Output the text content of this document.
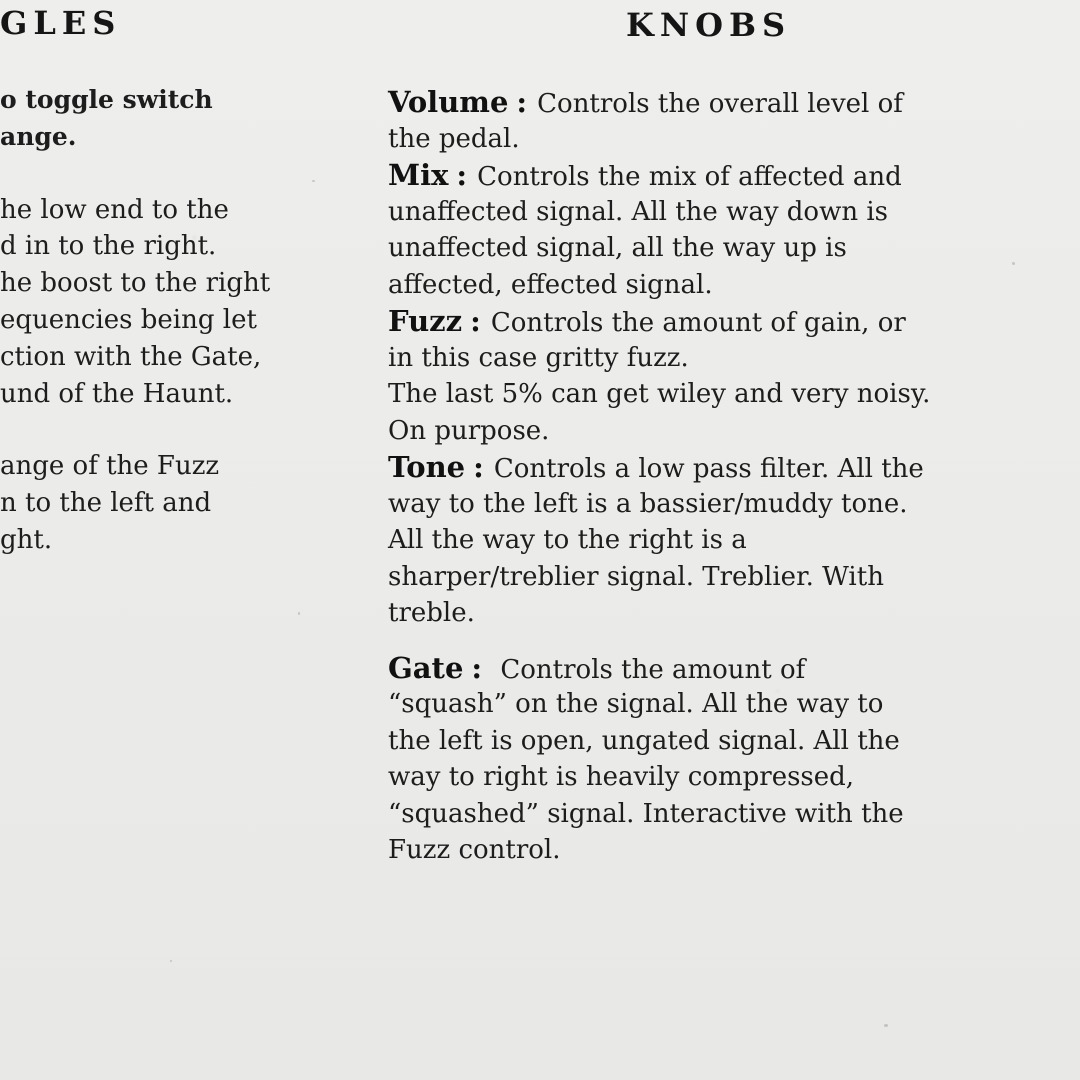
GLES	KNOBS
o toggle switch
ange.
he low end to the
d in to the right.
he boost to the right
equencies being let
ction with the Gate,
und of the Haunt.
ange of the Fuzz
n to the left and
ght.
Volume : Controls the overall level of
the pedal.
Mix : Controls the mix of affected and
unaffected signal. All the way down is
unaffected signal, all the way up is
affected, effected signal.
Fuzz : Controls the amount of gain, or
in this case gritty fuzz.
The last 5% can get wiley and very noisy.
On purpose.
Tone : Controls a low pass filter. All the
way to the left is a bassier/muddy tone.
All the way to the right is a
sharper/treblier signal. Treblier. With
treble.
Gate : Controls the amount of
“squash” on the signal. All the way to
the left is open, ungated signal. All the
way to right is heavily compressed,
“squashed” signal. Interactive with the
Fuzz control.
